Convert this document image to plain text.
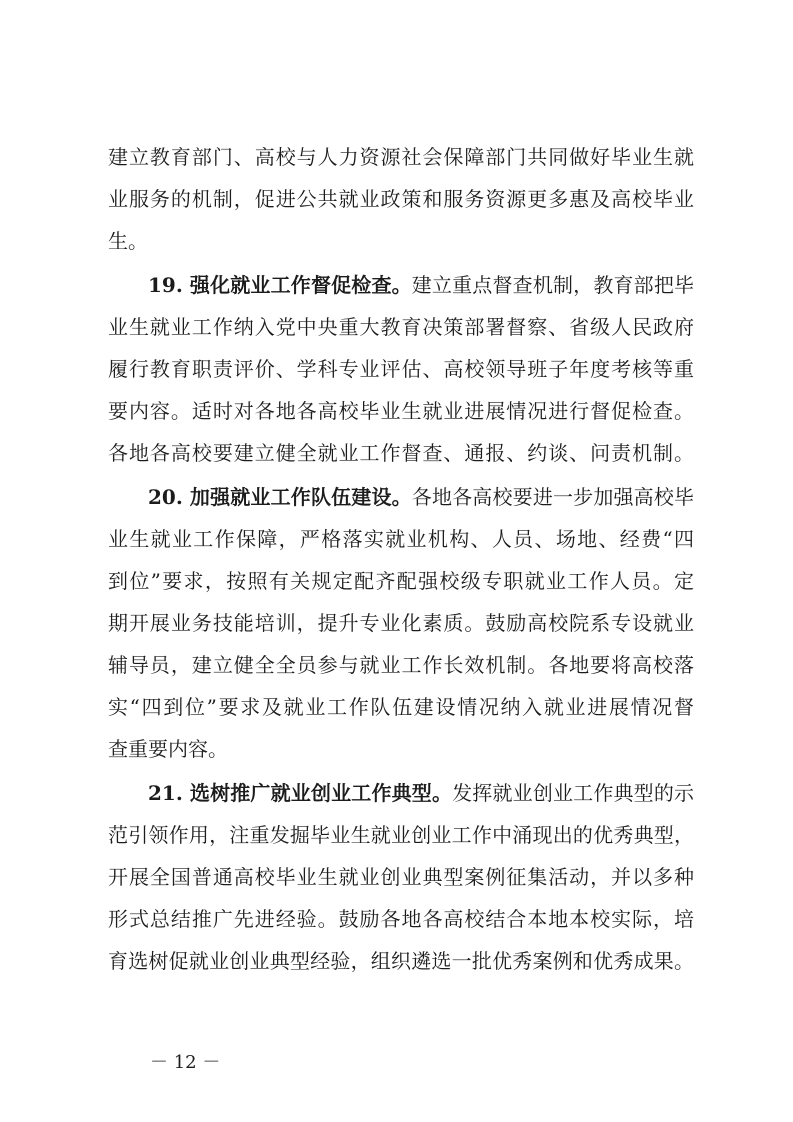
建立教育部门、高校与人力资源社会保障部门共同做好毕业生就
业服务的机制，促进公共就业政策和服务资源更多惠及高校毕业
生。
19. 强化就业工作督促检查。建立重点督查机制，教育部把毕
业生就业工作纳入党中央重大教育决策部署督察、省级人民政府
履行教育职责评价、学科专业评估、高校领导班子年度考核等重
要内容。适时对各地各高校毕业生就业进展情况进行督促检查。
各地各高校要建立健全就业工作督查、通报、约谈、问责机制。
20. 加强就业工作队伍建设。各地各高校要进一步加强高校毕
业生就业工作保障，严格落实就业机构、人员、场地、经费“四
到位”要求，按照有关规定配齐配强校级专职就业工作人员。定
期开展业务技能培训，提升专业化素质。鼓励高校院系专设就业
辅导员，建立健全全员参与就业工作长效机制。各地要将高校落
实“四到位”要求及就业工作队伍建设情况纳入就业进展情况督
查重要内容。
21. 选树推广就业创业工作典型。发挥就业创业工作典型的示
范引领作用，注重发掘毕业生就业创业工作中涌现出的优秀典型，
开展全国普通高校毕业生就业创业典型案例征集活动，并以多种
形式总结推广先进经验。鼓励各地各高校结合本地本校实际，培
育选树促就业创业典型经验，组织遴选一批优秀案例和优秀成果。
－ 12 －
